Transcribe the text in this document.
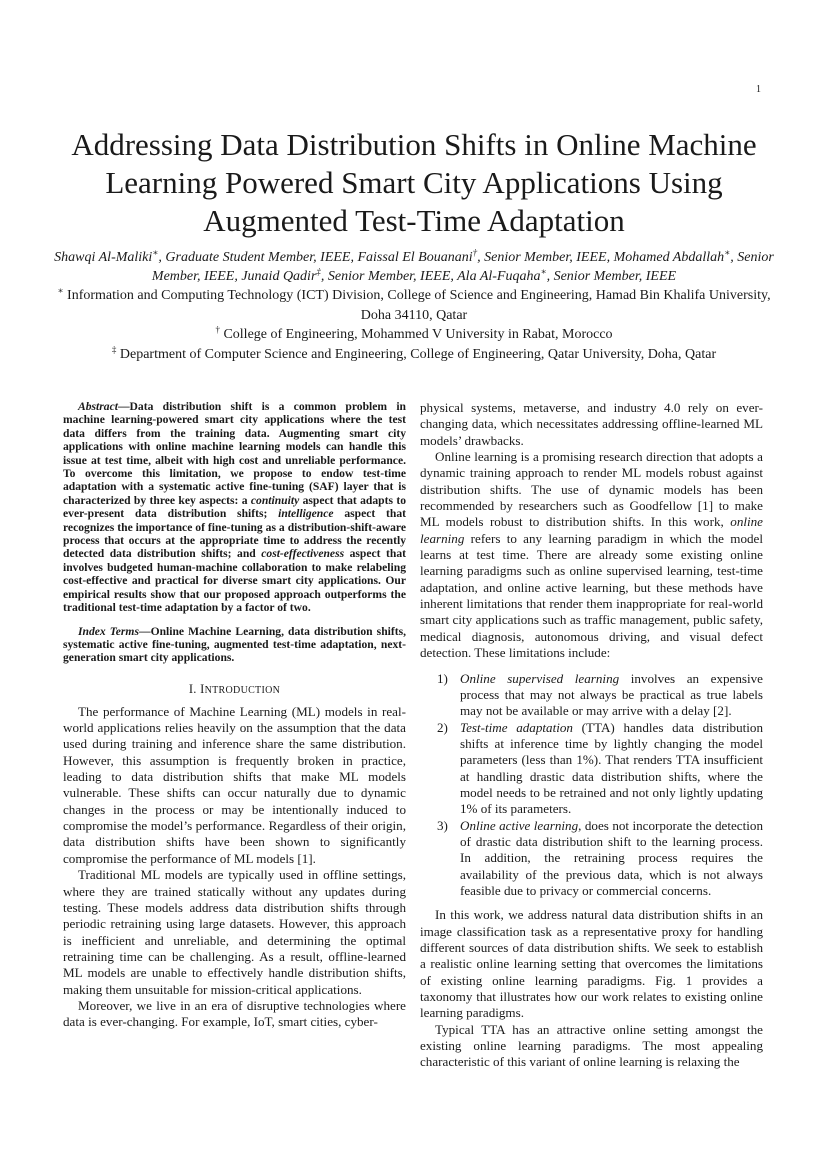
1
Addressing Data Distribution Shifts in Online Machine Learning Powered Smart City Applications Using Augmented Test-Time Adaptation
Shawqi Al-Maliki∗, Graduate Student Member, IEEE, Faissal El Bouanani†, Senior Member, IEEE, Mohamed Abdallah∗, Senior Member, IEEE, Junaid Qadir‡, Senior Member, IEEE, Ala Al-Fuqaha∗, Senior Member, IEEE
∗ Information and Computing Technology (ICT) Division, College of Science and Engineering, Hamad Bin Khalifa University, Doha 34110, Qatar
† College of Engineering, Mohammed V University in Rabat, Morocco
‡ Department of Computer Science and Engineering, College of Engineering, Qatar University, Doha, Qatar

Abstract—Data distribution shift is a common problem in machine learning-powered smart city applications where the test data differs from the training data. Augmenting smart city applications with online machine learning models can handle this issue at test time, albeit with high cost and unreliable performance. To overcome this limitation, we propose to endow test-time adaptation with a systematic active fine-tuning (SAF) layer that is characterized by three key aspects: a continuity aspect that adapts to ever-present data distribution shifts; intelligence aspect that recognizes the importance of fine-tuning as a distribution-shift-aware process that occurs at the appropriate time to address the recently detected data distribution shifts; and cost-effectiveness aspect that involves budgeted human-machine collaboration to make relabeling cost-effective and practical for diverse smart city applications. Our empirical results show that our proposed approach outperforms the traditional test-time adaptation by a factor of two.

Index Terms—Online Machine Learning, data distribution shifts, systematic active fine-tuning, augmented test-time adaptation, next-generation smart city applications.

I. INTRODUCTION

The performance of Machine Learning (ML) models in real-world applications relies heavily on the assumption that the data used during training and inference share the same distribution. However, this assumption is frequently broken in practice, leading to data distribution shifts that make ML models vulnerable. These shifts can occur naturally due to dynamic changes in the process or may be intentionally induced to compromise the model’s performance. Regardless of their origin, data distribution shifts have been shown to significantly compromise the performance of ML models [1].

Traditional ML models are typically used in offline settings, where they are trained statically without any updates during testing. These models address data distribution shifts through periodic retraining using large datasets. However, this approach is inefficient and unreliable, and determining the optimal retraining time can be challenging. As a result, offline-learned ML models are unable to effectively handle distribution shifts, making them unsuitable for mission-critical applications.

Moreover, we live in an era of disruptive technologies where data is ever-changing. For example, IoT, smart cities, cyber-

physical systems, metaverse, and industry 4.0 rely on ever-changing data, which necessitates addressing offline-learned ML models’ drawbacks.

Online learning is a promising research direction that adopts a dynamic training approach to render ML models robust against distribution shifts. The use of dynamic models has been recommended by researchers such as Goodfellow [1] to make ML models robust to distribution shifts. In this work, online learning refers to any learning paradigm in which the model learns at test time. There are already some existing online learning paradigms such as online supervised learning, test-time adaptation, and online active learning, but these methods have inherent limitations that render them inappropriate for real-world smart city applications such as traffic management, public safety, medical diagnosis, autonomous driving, and visual defect detection. These limitations include:

1) Online supervised learning involves an expensive process that may not always be practical as true labels may not be available or may arrive with a delay [2].
2) Test-time adaptation (TTA) handles data distribution shifts at inference time by lightly changing the model parameters (less than 1%). That renders TTA insufficient at handling drastic data distribution shifts, where the model needs to be retrained and not only lightly updating 1% of its parameters.
3) Online active learning, does not incorporate the detection of drastic data distribution shift to the learning process. In addition, the retraining process requires the availability of the previous data, which is not always feasible due to privacy or commercial concerns.

In this work, we address natural data distribution shifts in an image classification task as a representative proxy for handling different sources of data distribution shifts. We seek to establish a realistic online learning setting that overcomes the limitations of existing online learning paradigms. Fig. 1 provides a taxonomy that illustrates how our work relates to existing online learning paradigms.

Typical TTA has an attractive online setting amongst the existing online learning paradigms. The most appealing characteristic of this variant of online learning is relaxing the
